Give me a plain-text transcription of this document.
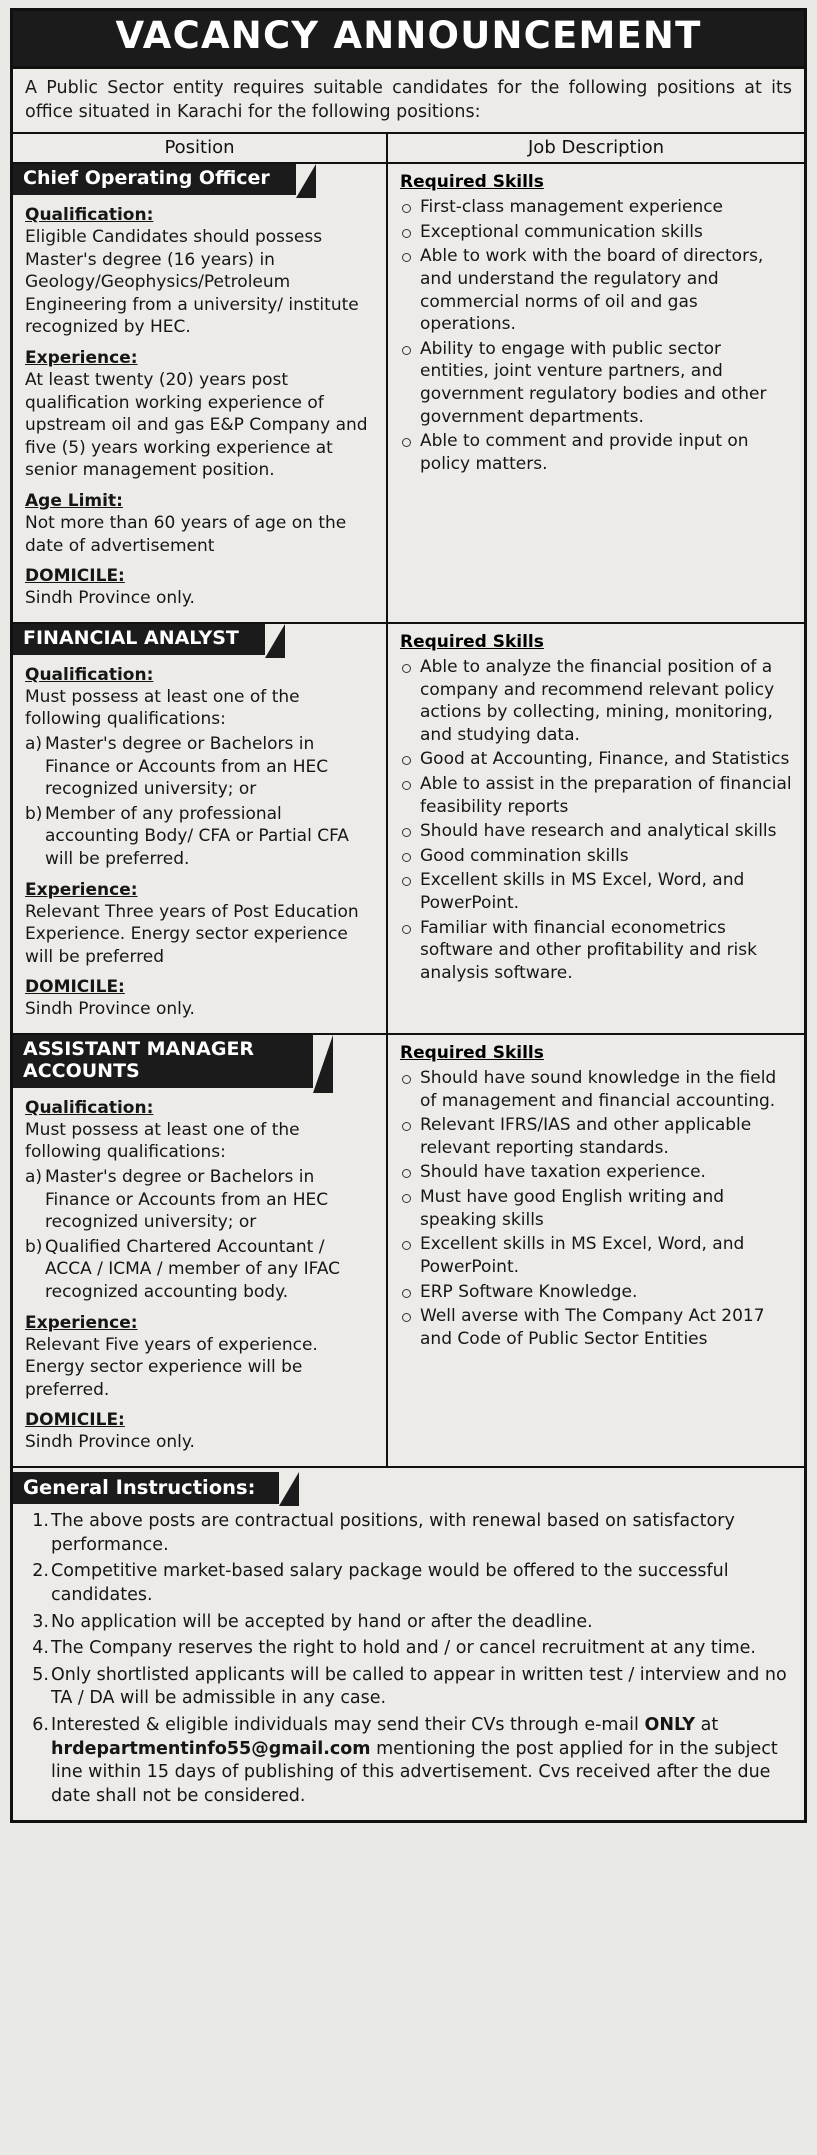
VACANCY ANNOUNCEMENT
A Public Sector entity requires suitable candidates for the following positions at its office situated in Karachi for the following positions:
Position	Job Description
Chief Operating Officer
Qualification:

Eligible Candidates should possess Master's degree (16 years) in Geology/Geophysics/Petroleum Engineering from a university/ institute recognized by HEC.

Experience:

At least twenty (20) years post qualification working experience of upstream oil and gas E&P Company and five (5) years working experience at senior management position.

Age Limit:

Not more than 60 years of age on the date of advertisement

DOMICILE:

Sindh Province only.

Required Skills
First-class management experience
Exceptional communication skills
Able to work with the board of directors, and understand the regulatory and commercial norms of oil and gas operations.
Ability to engage with public sector entities, joint venture partners, and government regulatory bodies and other government departments.
Able to comment and provide input on policy matters.
FINANCIAL ANALYST
Qualification:

Must possess at least one of the following qualifications:

a) Master's degree or Bachelors in Finance or Accounts from an HEC recognized university; or
b) Member of any professional accounting Body/ CFA or Partial CFA will be preferred.
Experience:

Relevant Three years of Post Education Experience. Energy sector experience will be preferred

DOMICILE:

Sindh Province only.

Required Skills
Able to analyze the financial position of a company and recommend relevant policy actions by collecting, mining, monitoring, and studying data.
Good at Accounting, Finance, and Statistics
Able to assist in the preparation of financial feasibility reports
Should have research and analytical skills
Good commination skills
Excellent skills in MS Excel, Word, and PowerPoint.
Familiar with financial econometrics software and other profitability and risk analysis software.
ASSISTANT MANAGER ACCOUNTS
Qualification:

Must possess at least one of the following qualifications:

a) Master's degree or Bachelors in Finance or Accounts from an HEC recognized university; or
b) Qualified Chartered Accountant / ACCA / ICMA / member of any IFAC recognized accounting body.
Experience:

Relevant Five years of experience. Energy sector experience will be preferred.

DOMICILE:

Sindh Province only.

Required Skills
Should have sound knowledge in the field of management and financial accounting.
Relevant IFRS/IAS and other applicable relevant reporting standards.
Should have taxation experience.
Must have good English writing and speaking skills
Excellent skills in MS Excel, Word, and PowerPoint.
ERP Software Knowledge.
Well averse with The Company Act 2017 and Code of Public Sector Entities
General Instructions:
The above posts are contractual positions, with renewal based on satisfactory performance.
Competitive market-based salary package would be offered to the successful candidates.
No application will be accepted by hand or after the deadline.
The Company reserves the right to hold and / or cancel recruitment at any time.
Only shortlisted applicants will be called to appear in written test / interview and no TA / DA will be admissible in any case.
Interested & eligible individuals may send their CVs through e-mail ONLY at hrdepartmentinfo55@gmail.com mentioning the post applied for in the subject line within 15 days of publishing of this advertisement. Cvs received after the due date shall not be considered.
